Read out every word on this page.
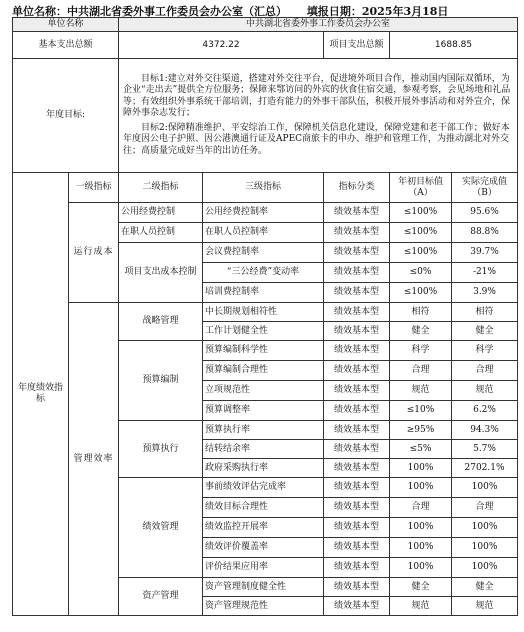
单位名称：中共湖北省委外事工作委员会办公室（汇总） 填报日期：2025年3月18日
单位名称		中共湖北省委外事工作委员会办公室				
基本支出总额		4372.22		项目支出总额	1688.85	
年度目标:		目标1:建立对外交往渠道，搭建对外交往平台，促进境外项目合作，推动国内国际双循环，为企业“走出去”提供全方位服务；保障来鄂访问的外宾的伙食住宿交通，参观考察，会见场地和礼品等；有效组织外事系统干部培训，打造有能力的外事干部队伍，积极开展外事活动和对外宣介，保障外事杂志发行；

目标2:保障精准维护、平安综治工作，保障机关信息化建设，保障党建和老干部工作；做好本年度因公电子护照、因公港澳通行证及APEC商旅卡的申办、维护和管理工作，为推动湖北对外交往；高质量完成好当年的出访任务。				

年度绩效指标	一级指标	二级指标	三级指标	指标分类	年初目标值（A）	实际完成值（B）
	运行成本	公用经费控制	公用经费控制率	绩效基本型	≤100%	95.6%
		在职人员控制	在职人员控制率	绩效基本型	≤100%	88.8%
		项目支出成本控制	会议费控制率	绩效基本型	≤100%	39.7%
			“三公经费”变动率	绩效基本型	≤0%	-21%
			培训费控制率	绩效基本型	≤100%	3.9%
	管理效率	战略管理	中长期规划相符性	绩效基本型	相符	相符
			工作计划健全性	绩效基本型	健全	健全
		预算编制	预算编制科学性	绩效基本型	科学	科学
			预算编制合理性	绩效基本型	合理	合理
			立项规范性	绩效基本型	规范	规范
			预算调整率	绩效基本型	≤10%	6.2%
		预算执行	预算执行率	绩效基本型	≥95%	94.3%
			结转结余率	绩效基本型	≤5%	5.7%
			政府采购执行率	绩效基本型	100%	2702.1%
		绩效管理	事前绩效评估完成率	绩效基本型	100%	100%
			绩效目标合理性	绩效基本型	合理	合理
			绩效监控开展率	绩效基本型	100%	100%
			绩效评价覆盖率	绩效基本型	100%	100%
			评价结果应用率	绩效基本型	100%	100%
		资产管理	资产管理制度健全性	绩效基本型	健全	健全
			资产管理规范性	绩效基本型	规范	规范
